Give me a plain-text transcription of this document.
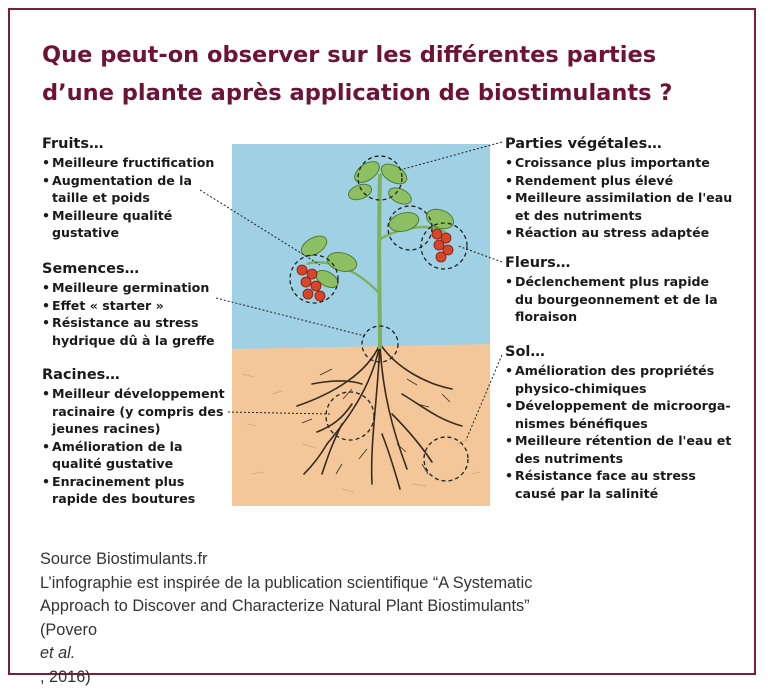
Que peut-on observer sur les différentes parties
d’une plante après application de biostimulants ?
Fruits…
• Meilleure fructification
• Augmentation de la
taille et poids
• Meilleure qualité
gustative
Semences…
• Meilleure germination
• Effet « starter »
• Résistance au stress
hydrique dû à la greffe
Racines…
• Meilleur développement
racinaire (y compris des
jeunes racines)
• Amélioration de la
qualité gustative
• Enracinement plus
rapide des boutures
Parties végétales…
• Croissance plus importante
• Rendement plus élevé
• Meilleure assimilation de l'eau
et des nutriments
• Réaction au stress adaptée
Fleurs…
• Déclenchement plus rapide
du bourgeonnement et de la
floraison
Sol…
• Amélioration des propriétés
physico-chimiques
• Développement de microorga-
nismes bénéfiques
• Meilleure rétention de l'eau et
des nutriments
• Résistance face au stress
causé par la salinité
Source Biostimulants.fr
L’infographie est inspirée de la publication scientifique “A Systematic
Approach to Discover and Characterize Natural Plant Biostimulants”
(Povero
et al.
, 2016)
